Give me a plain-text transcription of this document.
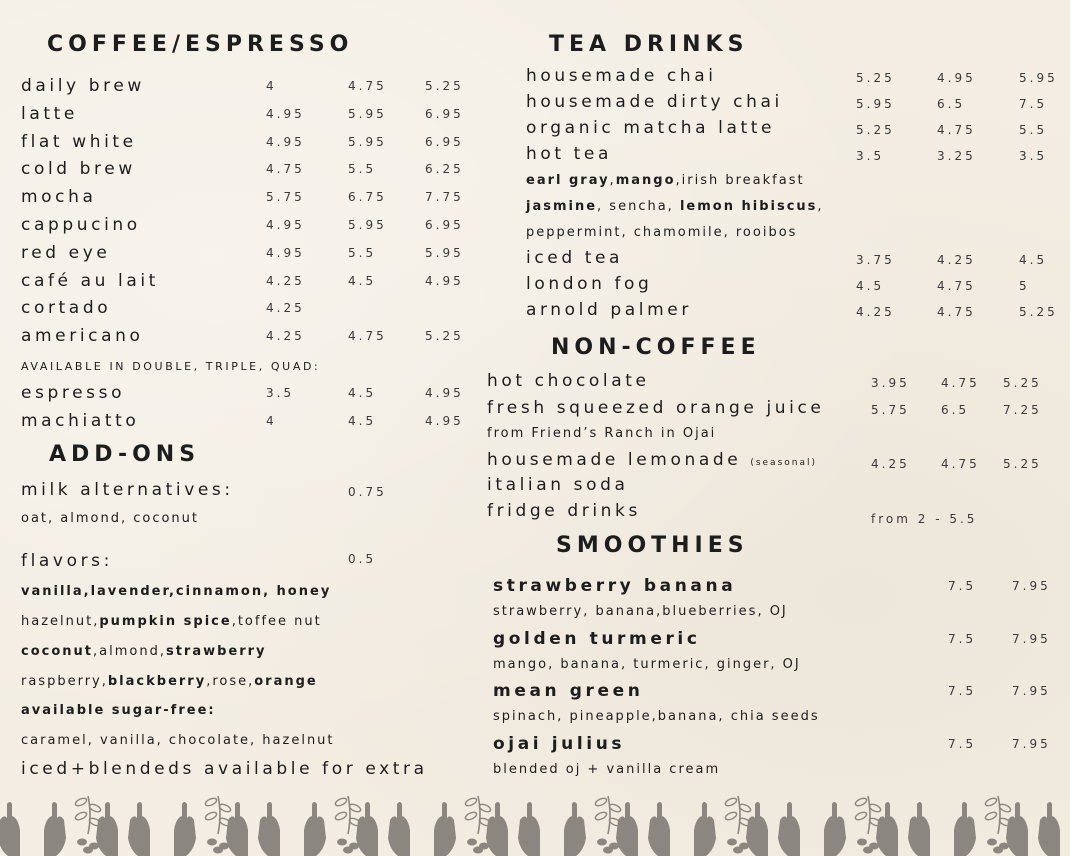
COFFEE/ESPRESSO
daily brew	4	4.75	5.25
latte	4.95	5.95	6.95
flat white	4.95	5.95	6.95
cold brew	4.75	5.5	6.25
mocha	5.75	6.75	7.75
cappucino	4.95	5.95	6.95
red eye	4.95	5.5	5.95
café au lait	4.25	4.5	4.95
cortado	4.25
americano	4.25	4.75	5.25
AVAILABLE IN DOUBLE, TRIPLE, QUAD:
espresso	3.5	4.5	4.95
machiatto	4	4.5	4.95
ADD-ONS
milk alternatives:	0.75
oat, almond, coconut
flavors:	0.5
vanilla,lavender,cinnamon, honey
hazelnut,pumpkin spice,toffee nut
coconut,almond,strawberry
raspberry,blackberry,rose,orange
available sugar-free:
caramel, vanilla, chocolate, hazelnut
iced+blendeds available for extra
TEA DRINKS
housemade chai	5.25	4.95	5.95
housemade dirty chai	5.95	6.5	7.5
organic matcha latte	5.25	4.75	5.5
hot tea	3.5	3.25	3.5
earl gray,mango,irish breakfast
jasmine, sencha, lemon hibiscus,
peppermint, chamomile, rooibos
iced tea	3.75	4.25	4.5
london fog	4.5	4.75	5
arnold palmer	4.25	4.75	5.25
NON-COFFEE
hot chocolate	3.95	4.75 5.25
fresh squeezed orange juice	5.75	6.5	7.25
from Friend’s Ranch in Ojai
housemade lemonade (seasonal)	4.25	4.75 5.25
italian soda
fridge drinks	from 2 - 5.5
SMOOTHIES
strawberry banana
strawberry, banana,blueberries, OJ
7.5	7.95
golden turmeric
mango, banana, turmeric, ginger, OJ
7.5	7.95
mean green
spinach, pineapple,banana, chia seeds
7.5	7.95
ojai julius
blended oj + vanilla cream
7.5	7.95
